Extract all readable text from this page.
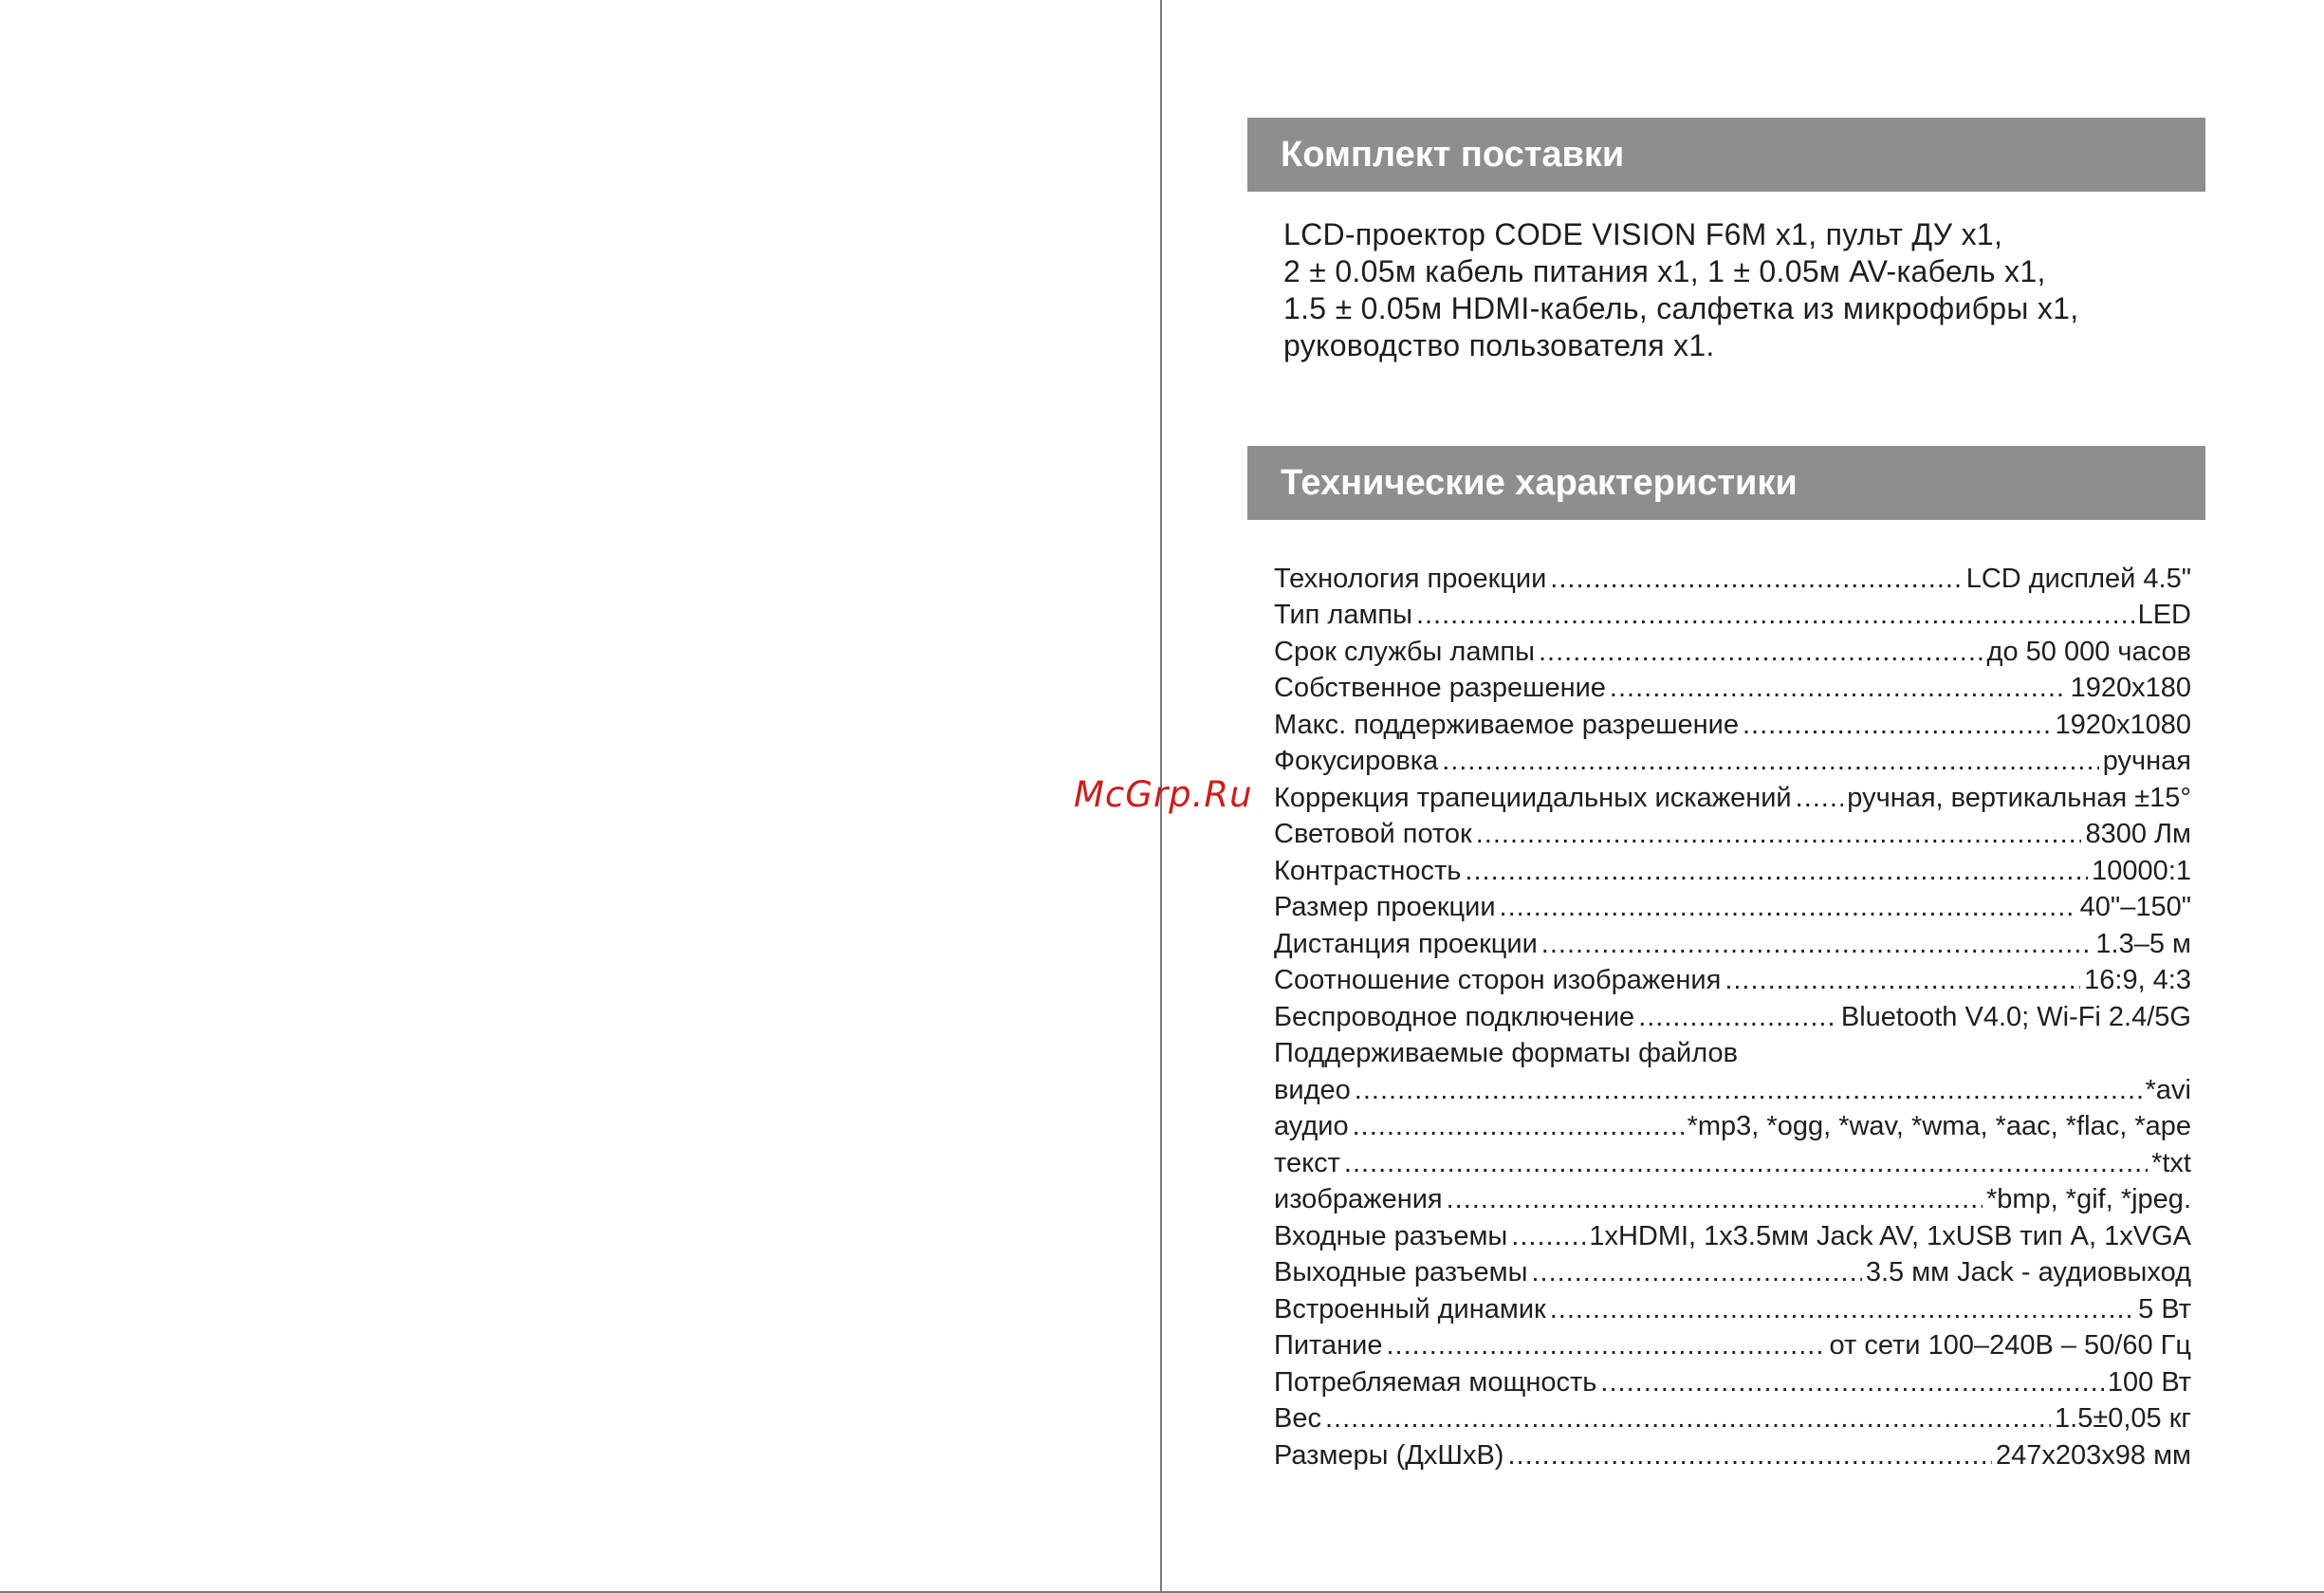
McGrp.Ru
Комплект поставки
LCD-проектор CODE VISION F6M x1, пульт ДУ x1,
2 ± 0.05м кабель питания x1, 1 ± 0.05м AV-кабель x1,
1.5 ± 0.05м HDMI-кабель, салфетка из микрофибры x1,
руководство пользователя x1.
Технические характеристики
Технология проекции .....	LCD дисплей 4.5"
Тип лампы .....	LED
Срок службы лампы .....	до 50 000 часов
Собственное разрешение .....	1920x180
Макс. поддерживаемое разрешение .....	1920x1080
Фокусировка .....	ручная
Коррекция трапециидальных искажений ..... ручная, вертикальная ±15°
Световой поток .....	8300 Лм
Контрастность .....	10000:1
Размер проекции .....	40"–150"
Дистанция проекции .....	1.3–5 м
Соотношение сторон изображения .....	16:9, 4:3
Беспроводное подключение .....	Bluetooth V4.0; Wi-Fi 2.4/5G
Поддерживаемые форматы файлов
видео .....	*avi
аудио .....	*mp3, *ogg, *wav, *wma, *aac, *flac, *ape
текст .....	*txt
изображения .....	*bmp, *gif, *jpeg.
Входные разъемы .....	1xHDMI, 1x3.5мм Jack AV, 1xUSB тип А, 1xVGA
Выходные разъемы .....	3.5 мм Jack - аудиовыход
Встроенный динамик .....	5 Вт
Питание .....	от сети 100–240В – 50/60 Гц
Потребляемая мощность .....	100 Вт
Вес .....	1.5±0,05 кг
Размеры (ДхШхВ) .....	247x203x98 мм
